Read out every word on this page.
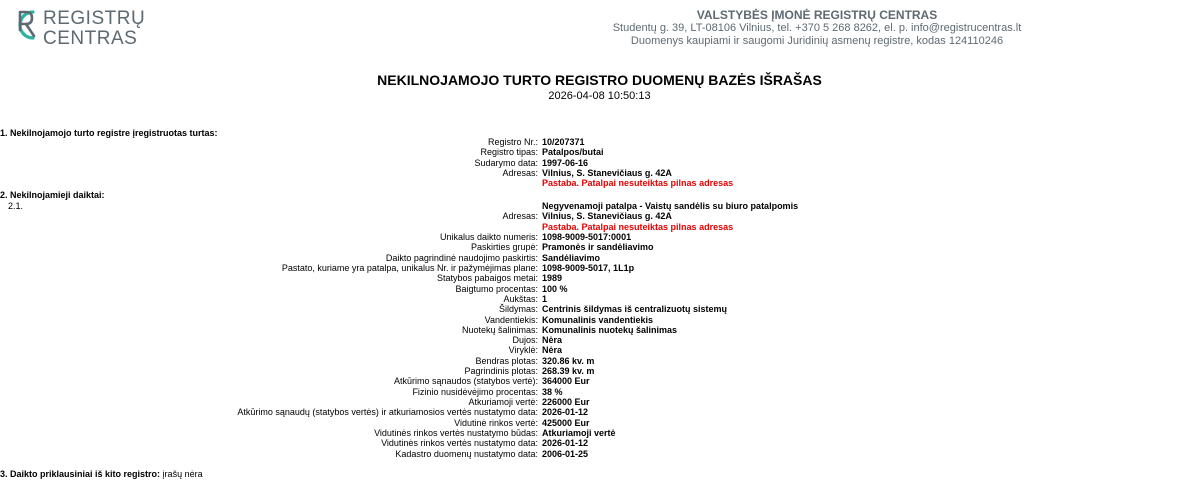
REGISTRŲ
CENTRAS
VALSTYBĖS ĮMONĖ REGISTRŲ CENTRAS
Studentų g. 39, LT-08106 Vilnius, tel. +370 5 268 8262, el. p. info@registrucentras.lt
Duomenys kaupiami ir saugomi Juridinių asmenų registre, kodas 124110246
NEKILNOJAMOJO TURTO REGISTRO DUOMENŲ BAZĖS IŠRAŠAS
2026-04-08 10:50:13
1. Nekilnojamojo turto registre įregistruotas turtas:
Registro Nr.: 10/207371
Registro tipas: Patalpos/butai
Sudarymo data: 1997-06-16
Adresas: Vilnius, S. Stanevičiaus g. 42A
Pastaba. Patalpai nesuteiktas pilnas adresas
2. Nekilnojamieji daiktai:
2.1.	Negyvenamoji patalpa - Vaistų sandėlis su biuro patalpomis
Adresas: Vilnius, S. Stanevičiaus g. 42A
Pastaba. Patalpai nesuteiktas pilnas adresas
Unikalus daikto numeris: 1098-9009-5017:0001
Paskirties grupė: Pramonės ir sandėliavimo
Daikto pagrindinė naudojimo paskirtis: Sandėliavimo
Pastato, kuriame yra patalpa, unikalus Nr. ir pažymėjimas plane: 1098-9009-5017, 1L1p
Statybos pabaigos metai: 1989
Baigtumo procentas: 100 %
Aukštas: 1
Šildymas: Centrinis šildymas iš centralizuotų sistemų
Vandentiekis: Komunalinis vandentiekis
Nuotekų šalinimas: Komunalinis nuotekų šalinimas
Dujos: Nėra
Viryklė: Nėra
Bendras plotas: 320.86 kv. m
Pagrindinis plotas: 268.39 kv. m
Atkūrimo sąnaudos (statybos vertė): 364000 Eur
Fizinio nusidėvėjimo procentas: 38 %
Atkuriamoji vertė: 226000 Eur
Atkūrimo sąnaudų (statybos vertės) ir atkuriamosios vertės nustatymo data: 2026-01-12
Vidutinė rinkos vertė: 425000 Eur
Vidutinės rinkos vertės nustatymo būdas: Atkuriamoji vertė
Vidutinės rinkos vertės nustatymo data: 2026-01-12
Kadastro duomenų nustatymo data: 2006-01-25
3. Daikto priklausiniai iš kito registro: įrašų nėra
